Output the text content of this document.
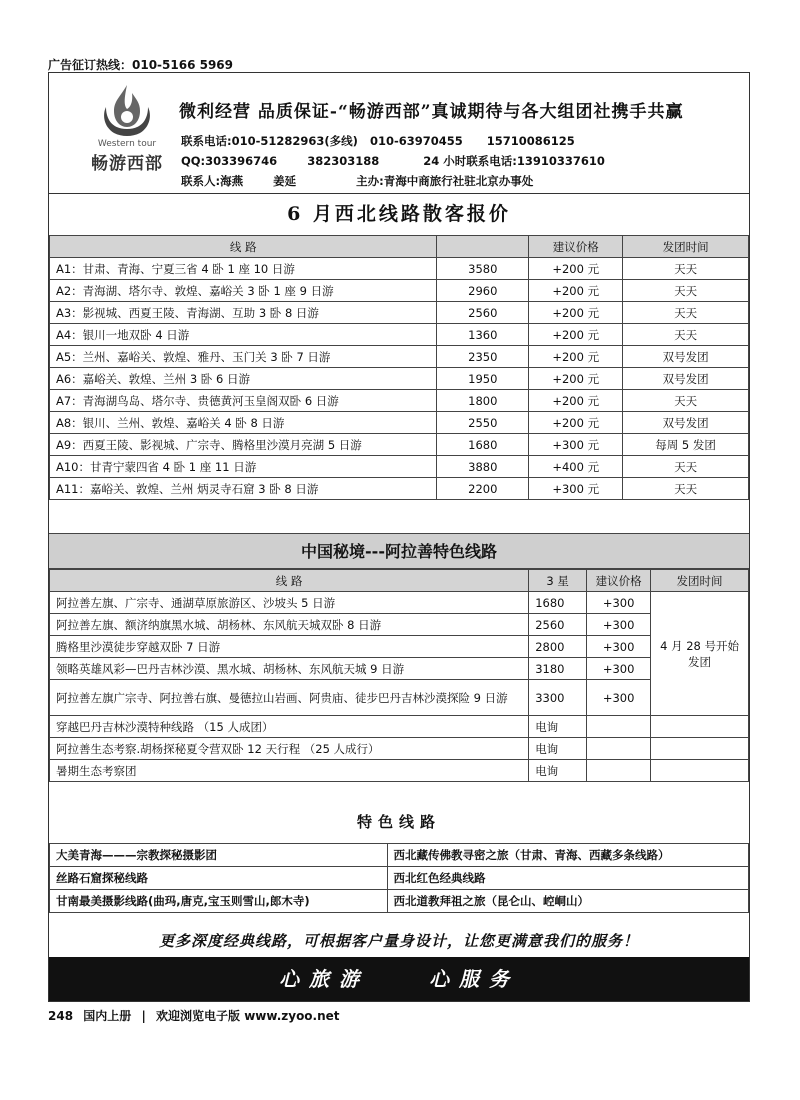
广告征订热线：010-5166 5969
Western tour
畅游西部
微利经营 品质保证-“畅游西部”真诚期待与各大组团社携手共赢
联系电话:010-51282963(多线) 010-63970455 15710086125
QQ:303396746	382303188	24 小时联系电话:13910337610
联系人:海燕	姜延	主办:青海中商旅行社驻北京办事处
6 月西北线路散客报价
线 路		建议价格	发团时间
A1：甘肃、青海、宁夏三省 4 卧 1 座 10 日游	3580	+200 元	天天
A2：青海湖、塔尔寺、敦煌、嘉峪关 3 卧 1 座 9 日游	2960	+200 元	天天
A3：影视城、西夏王陵、青海湖、互助 3 卧 8 日游	2560	+200 元	天天
A4：银川一地双卧 4 日游	1360	+200 元	天天
A5：兰州、嘉峪关、敦煌、雅丹、玉门关 3 卧 7 日游	2350	+200 元	双号发团
A6：嘉峪关、敦煌、兰州 3 卧 6 日游	1950	+200 元	双号发团
A7：青海湖鸟岛、塔尔寺、贵德黄河玉皇阁双卧 6 日游	1800	+200 元	天天
A8：银川、兰州、敦煌、嘉峪关 4 卧 8 日游	2550	+200 元	双号发团
A9：西夏王陵、影视城、广宗寺、腾格里沙漠月亮湖 5 日游	1680	+300 元	每周 5 发团
A10：甘青宁蒙四省 4 卧 1 座 11 日游	3880	+400 元	天天
A11：嘉峪关、敦煌、兰州 炳灵寺石窟 3 卧 8 日游	2200	+300 元	天天
中国秘境---阿拉善特色线路
线 路	3 星	建议价格	发团时间
阿拉善左旗、广宗寺、通湖草原旅游区、沙坡头 5 日游	1680	+300	4 月 28 号开始发团
阿拉善左旗、额济纳旗黑水城、胡杨林、东风航天城双卧 8 日游	2560	+300	
腾格里沙漠徒步穿越双卧 7 日游	2800	+300	
领略英雄风彩—巴丹吉林沙漠、黑水城、胡杨林、东风航天城 9 日游	3180	+300	
阿拉善左旗广宗寺、阿拉善右旗、曼德拉山岩画、阿贵庙、徒步巴丹吉林沙漠探险 9 日游	3300	+300	
穿越巴丹吉林沙漠特种线路 （15 人成团）	电询		
阿拉善生态考察.胡杨探秘夏令营双卧 12 天行程 （25 人成行）	电询		
暑期生态考察团	电询		
特色线路
大美青海———宗教探秘摄影团	西北藏传佛教寻密之旅（甘肃、青海、西藏多条线路）
丝路石窟探秘线路	西北红色经典线路
甘南最美摄影线路(曲玛,唐克,宝玉则雪山,郎木寺)	西北道教拜祖之旅（昆仑山、崆峒山）
更多深度经典线路，可根据客户量身设计，让您更满意我们的服务！
心旅游　　心服务
248 国内上册 | 欢迎浏览电子版 www.zyoo.net
